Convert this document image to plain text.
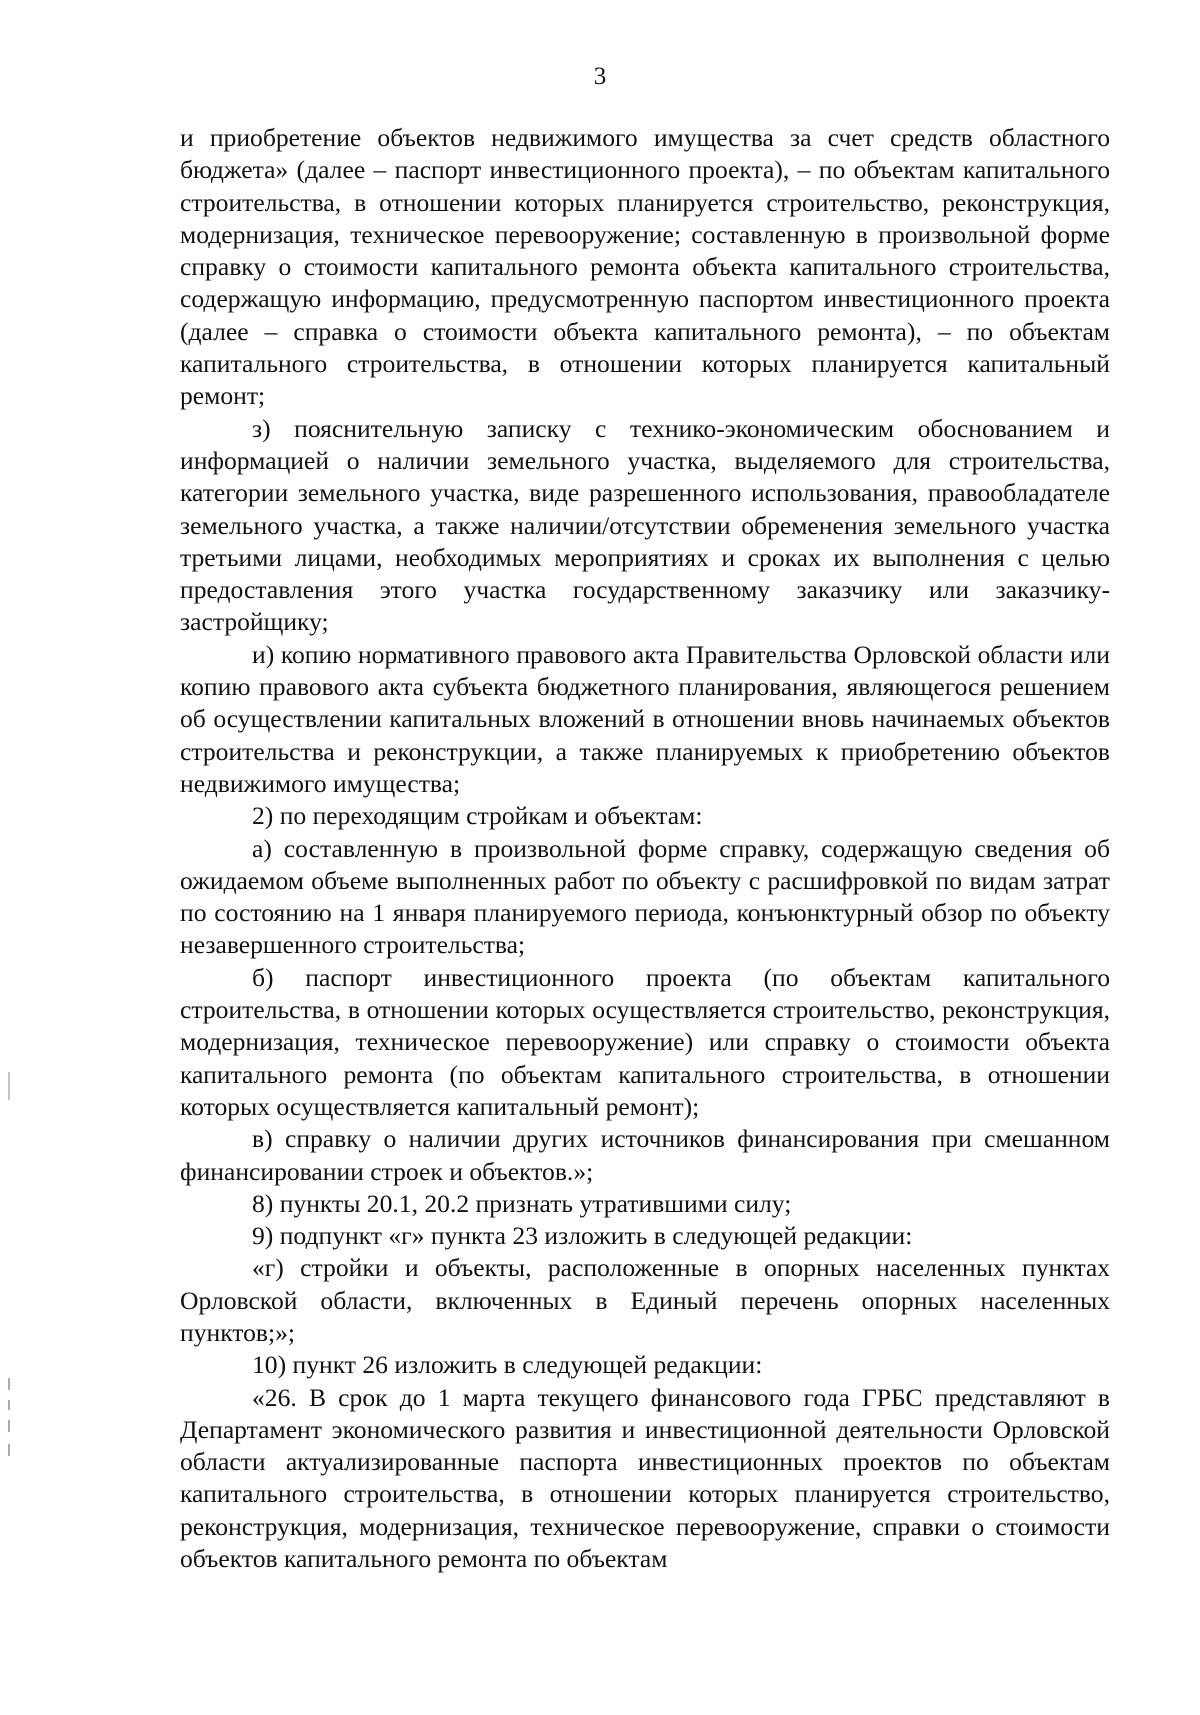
3

и приобретение объектов недвижимого имущества за счет средств областного бюджета» (далее – паспорт инвестиционного проекта), – по объектам капитального строительства, в отношении которых планируется строительство, реконструкция, модернизация, техническое перевооружение; составленную в произвольной форме справку о стоимости капитального ремонта объекта капитального строительства, содержащую информацию, предусмотренную паспортом инвестиционного проекта (далее – справка о стоимости объекта капитального ремонта), – по объектам капитального строительства, в отношении которых планируется капитальный ремонт;

з) пояснительную записку с технико-экономическим обоснованием и информацией о наличии земельного участка, выделяемого для строительства, категории земельного участка, виде разрешенного использования, правообладателе земельного участка, а также наличии/отсутствии обременения земельного участка третьими лицами, необходимых мероприятиях и сроках их выполнения с целью предоставления этого участка государственному заказчику или заказчику-застройщику;

и) копию нормативного правового акта Правительства Орловской области или копию правового акта субъекта бюджетного планирования, являющегося решением об осуществлении капитальных вложений в отношении вновь начинаемых объектов строительства и реконструкции, а также планируемых к приобретению объектов недвижимого имущества;

2) по переходящим стройкам и объектам:

а) составленную в произвольной форме справку, содержащую сведения об ожидаемом объеме выполненных работ по объекту с расшифровкой по видам затрат по состоянию на 1 января планируемого периода, конъюнктурный обзор по объекту незавершенного строительства;

б) паспорт инвестиционного проекта (по объектам капитального строительства, в отношении которых осуществляется строительство, реконструкция, модернизация, техническое перевооружение) или справку о стоимости объекта капитального ремонта (по объектам капитального строительства, в отношении которых осуществляется капитальный ремонт);

в) справку о наличии других источников финансирования при смешанном финансировании строек и объектов.»;

8) пункты 20.1, 20.2 признать утратившими силу;

9) подпункт «г» пункта 23 изложить в следующей редакции:

«г) стройки и объекты, расположенные в опорных населенных пунктах Орловской области, включенных в Единый перечень опорных населенных пунктов;»;

10) пункт 26 изложить в следующей редакции:

«26. В срок до 1 марта текущего финансового года ГРБС представляют в Департамент экономического развития и инвестиционной деятельности Орловской области актуализированные паспорта инвестиционных проектов по объектам капитального строительства, в отношении которых планируется строительство, реконструкция, модернизация, техническое перевооружение, справки о стоимости объектов капитального ремонта по объектам
